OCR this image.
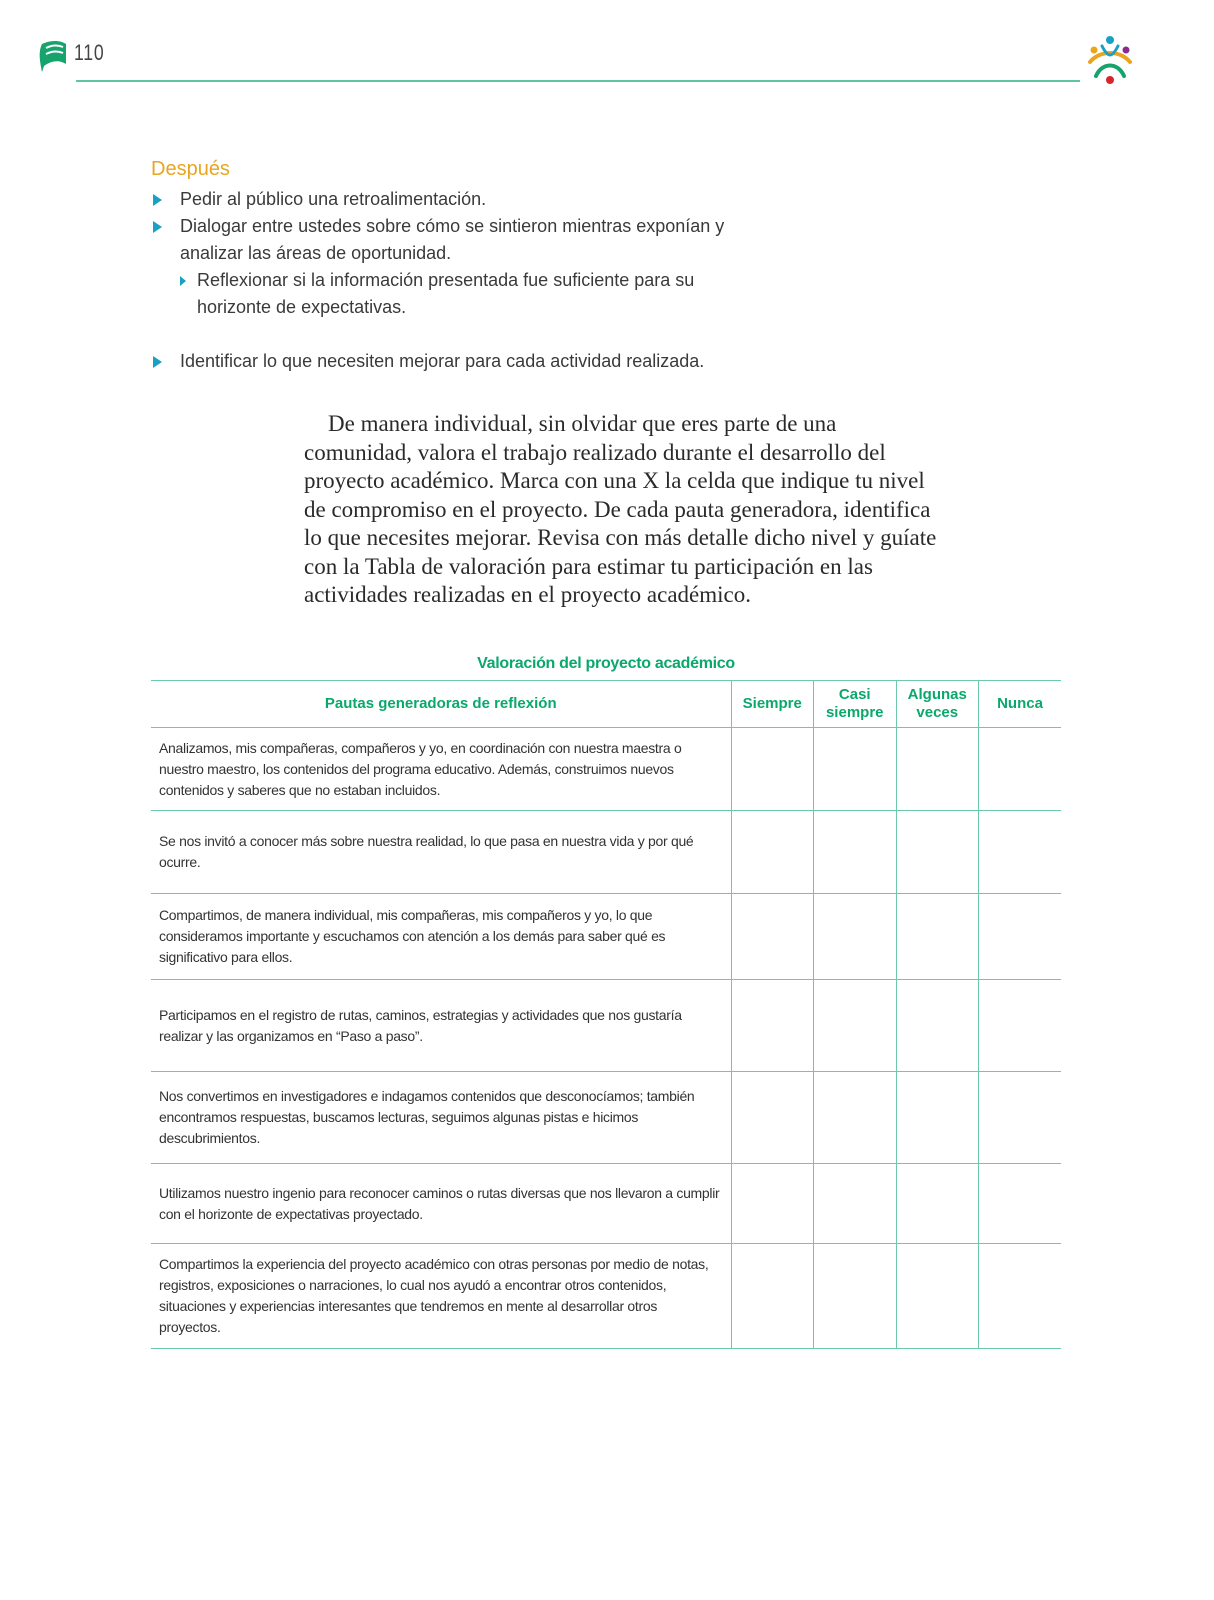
110
Después
Pedir al público una retroalimentación.
Dialogar entre ustedes sobre cómo se sintieron mientras exponían y analizar las áreas de oportunidad.
Reflexionar si la información presentada fue suficiente para su horizonte de expectativas.
Identificar lo que necesiten mejorar para cada actividad realizada.

De manera individual, sin olvidar que eres parte de una comunidad, valora el trabajo realizado durante el desarrollo del proyecto académico. Marca con una X la celda que indique tu nivel de compromiso en el proyecto. De cada pauta generadora, identifica lo que necesites mejorar. Revisa con más detalle dicho nivel y guíate con la Tabla de valoración para estimar tu participación en las actividades realizadas en el proyecto académico.

Valoración del proyecto académico
Pautas generadoras de reflexión	Siempre	Casi siempre	Algunas veces	Nunca
Analizamos, mis compañeras, compañeros y yo, en coordinación con nuestra maestra o nuestro maestro, los contenidos del programa educativo. Además, construimos nuevos contenidos y saberes que no estaban incluidos.				
Se nos invitó a conocer más sobre nuestra realidad, lo que pasa en nuestra vida y por qué ocurre.				
Compartimos, de manera individual, mis compañeras, mis compañeros y yo, lo que consideramos importante y escuchamos con atención a los demás para saber qué es significativo para ellos.				
Participamos en el registro de rutas, caminos, estrategias y actividades que nos gustaría realizar y las organizamos en “Paso a paso”.				
Nos convertimos en investigadores e indagamos contenidos que desconocíamos; también encontramos respuestas, buscamos lecturas, seguimos algunas pistas e hicimos descubrimientos.				
Utilizamos nuestro ingenio para reconocer caminos o rutas diversas que nos llevaron a cumplir con el horizonte de expectativas proyectado.				
Compartimos la experiencia del proyecto académico con otras personas por medio de notas, registros, exposiciones o narraciones, lo cual nos ayudó a encontrar otros contenidos, situaciones y experiencias interesantes que tendremos en mente al desarrollar otros proyectos.				
